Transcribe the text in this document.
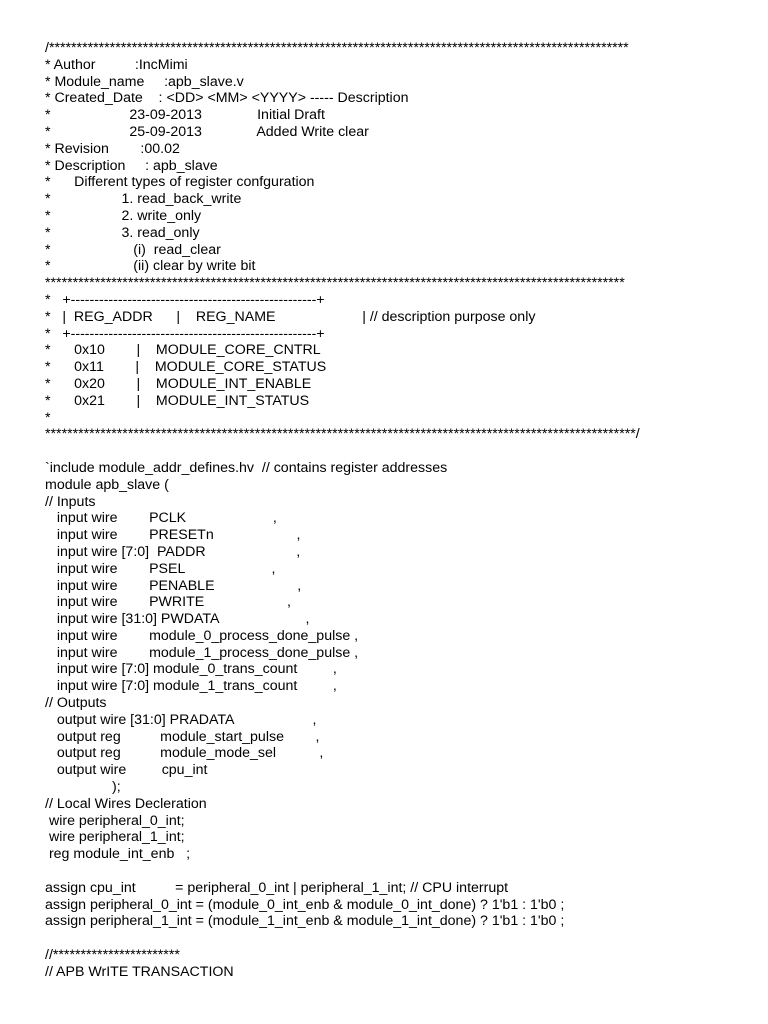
/*********************************************************************************************************
* Author          :IncMimi
* Module_name     :apb_slave.v
* Created_Date    : <DD> <MM> <YYYY> ----- Description
*                    23-09-2013              Initial Draft
*                    25-09-2013              Added Write clear
* Revision        :00.02
* Description     : apb_slave
*      Different types of register confguration
*                  1. read_back_write
*                  2. write_only
*                  3. read_only
*                     (i)  read_clear
*                     (ii) clear by write bit
*********************************************************************************************************
*   +----------------------------------------------------+
*   |  REG_ADDR      |    REG_NAME                      | // description purpose only
*   +----------------------------------------------------+
*      0x10        |    MODULE_CORE_CNTRL
*      0x11        |    MODULE_CORE_STATUS
*      0x20        |    MODULE_INT_ENABLE
*      0x21        |    MODULE_INT_STATUS
*
***********************************************************************************************************/
`include module_addr_defines.hv  // contains register addresses
module apb_slave (
// Inputs
input wire        PCLK                      ,
input wire        PRESETn                     ,
input wire [7:0]  PADDR                       ,
input wire        PSEL                      ,
input wire        PENABLE                     ,
input wire        PWRITE                     ,
input wire [31:0] PWDATA                      ,
input wire        module_0_process_done_pulse ,
input wire        module_1_process_done_pulse ,
input wire [7:0] module_0_trans_count         ,
input wire [7:0] module_1_trans_count         ,
// Outputs
output wire [31:0] PRADATA                    ,
output reg          module_start_pulse        ,
output reg          module_mode_sel           ,
output wire         cpu_int
);
// Local Wires Decleration
wire peripheral_0_int;
wire peripheral_1_int;
reg module_int_enb   ;
assign cpu_int          = peripheral_0_int | peripheral_1_int; // CPU interrupt
assign peripheral_0_int = (module_0_int_enb & module_0_int_done) ? 1'b1 : 1'b0 ;
assign peripheral_1_int = (module_1_int_enb & module_1_int_done) ? 1'b1 : 1'b0 ;
//***********************
// APB WrITE TRANSACTION
